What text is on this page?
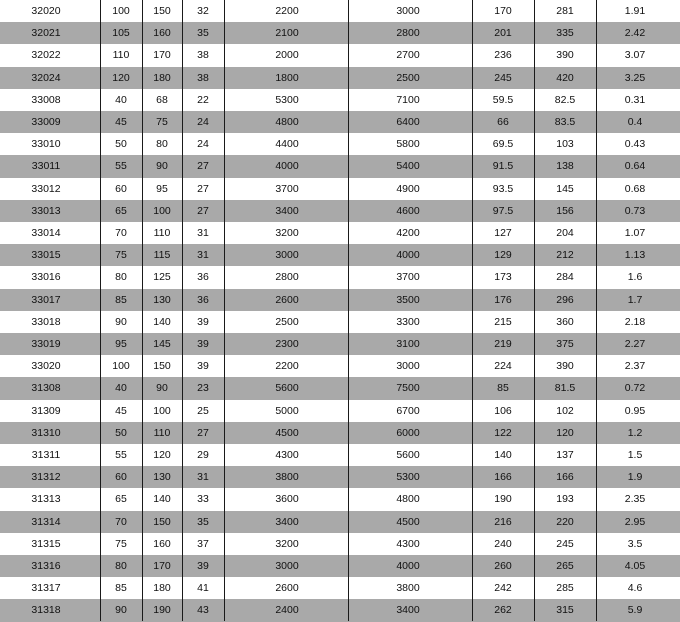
32020	100	150	32	2200	3000	170	281	1.91
32021	105	160	35	2100	2800	201	335	2.42
32022	110	170	38	2000	2700	236	390	3.07
32024	120	180	38	1800	2500	245	420	3.25
33008	40	68	22	5300	7100	59.5	82.5	0.31
33009	45	75	24	4800	6400	66	83.5	0.4
33010	50	80	24	4400	5800	69.5	103	0.43
33011	55	90	27	4000	5400	91.5	138	0.64
33012	60	95	27	3700	4900	93.5	145	0.68
33013	65	100	27	3400	4600	97.5	156	0.73
33014	70	110	31	3200	4200	127	204	1.07
33015	75	115	31	3000	4000	129	212	1.13
33016	80	125	36	2800	3700	173	284	1.6
33017	85	130	36	2600	3500	176	296	1.7
33018	90	140	39	2500	3300	215	360	2.18
33019	95	145	39	2300	3100	219	375	2.27
33020	100	150	39	2200	3000	224	390	2.37
31308	40	90	23	5600	7500	85	81.5	0.72
31309	45	100	25	5000	6700	106	102	0.95
31310	50	110	27	4500	6000	122	120	1.2
31311	55	120	29	4300	5600	140	137	1.5
31312	60	130	31	3800	5300	166	166	1.9
31313	65	140	33	3600	4800	190	193	2.35
31314	70	150	35	3400	4500	216	220	2.95
31315	75	160	37	3200	4300	240	245	3.5
31316	80	170	39	3000	4000	260	265	4.05
31317	85	180	41	2600	3800	242	285	4.6
31318	90	190	43	2400	3400	262	315	5.9
